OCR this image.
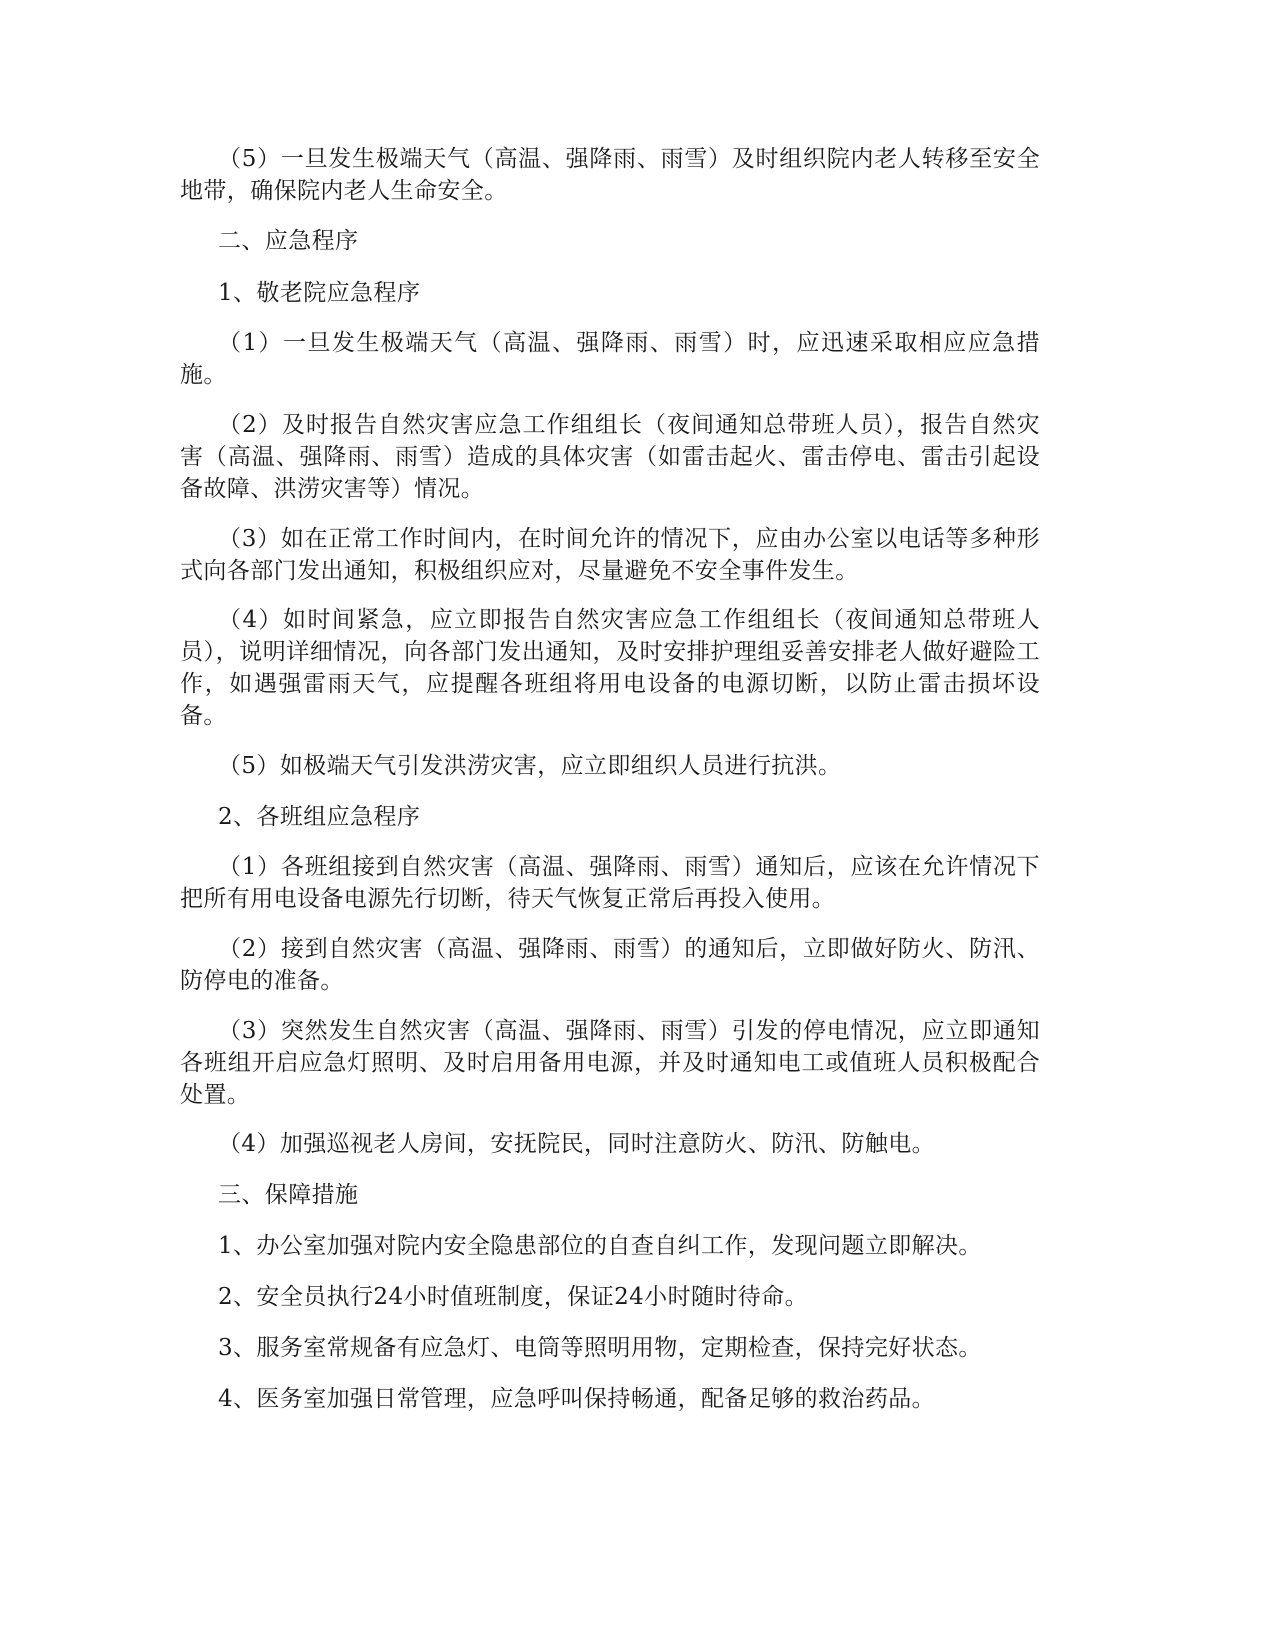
（5）一旦发生极端天气（高温、强降雨、雨雪）及时组织院内老人转移至安全地带，确保院内老人生命安全。

二、应急程序

1、敬老院应急程序

（1）一旦发生极端天气（高温、强降雨、雨雪）时，应迅速采取相应应急措施。

（2）及时报告自然灾害应急工作组组长（夜间通知总带班人员），报告自然灾害（高温、强降雨、雨雪）造成的具体灾害（如雷击起火、雷击停电、雷击引起设备故障、洪涝灾害等）情况。

（3）如在正常工作时间内，在时间允许的情况下，应由办公室以电话等多种形式向各部门发出通知，积极组织应对，尽量避免不安全事件发生。

（4）如时间紧急，应立即报告自然灾害应急工作组组长（夜间通知总带班人员），说明详细情况，向各部门发出通知，及时安排护理组妥善安排老人做好避险工作，如遇强雷雨天气，应提醒各班组将用电设备的电源切断，以防止雷击损坏设备。

（5）如极端天气引发洪涝灾害，应立即组织人员进行抗洪。

2、各班组应急程序

（1）各班组接到自然灾害（高温、强降雨、雨雪）通知后，应该在允许情况下把所有用电设备电源先行切断，待天气恢复正常后再投入使用。

（2）接到自然灾害（高温、强降雨、雨雪）的通知后，立即做好防火、防汛、防停电的准备。

（3）突然发生自然灾害（高温、强降雨、雨雪）引发的停电情况，应立即通知各班组开启应急灯照明、及时启用备用电源，并及时通知电工或值班人员积极配合处置。

（4）加强巡视老人房间，安抚院民，同时注意防火、防汛、防触电。

三、保障措施

1、办公室加强对院内安全隐患部位的自查自纠工作，发现问题立即解决。

2、安全员执行24小时值班制度，保证24小时随时待命。

3、服务室常规备有应急灯、电筒等照明用物，定期检查，保持完好状态。

4、医务室加强日常管理，应急呼叫保持畅通，配备足够的救治药品。
